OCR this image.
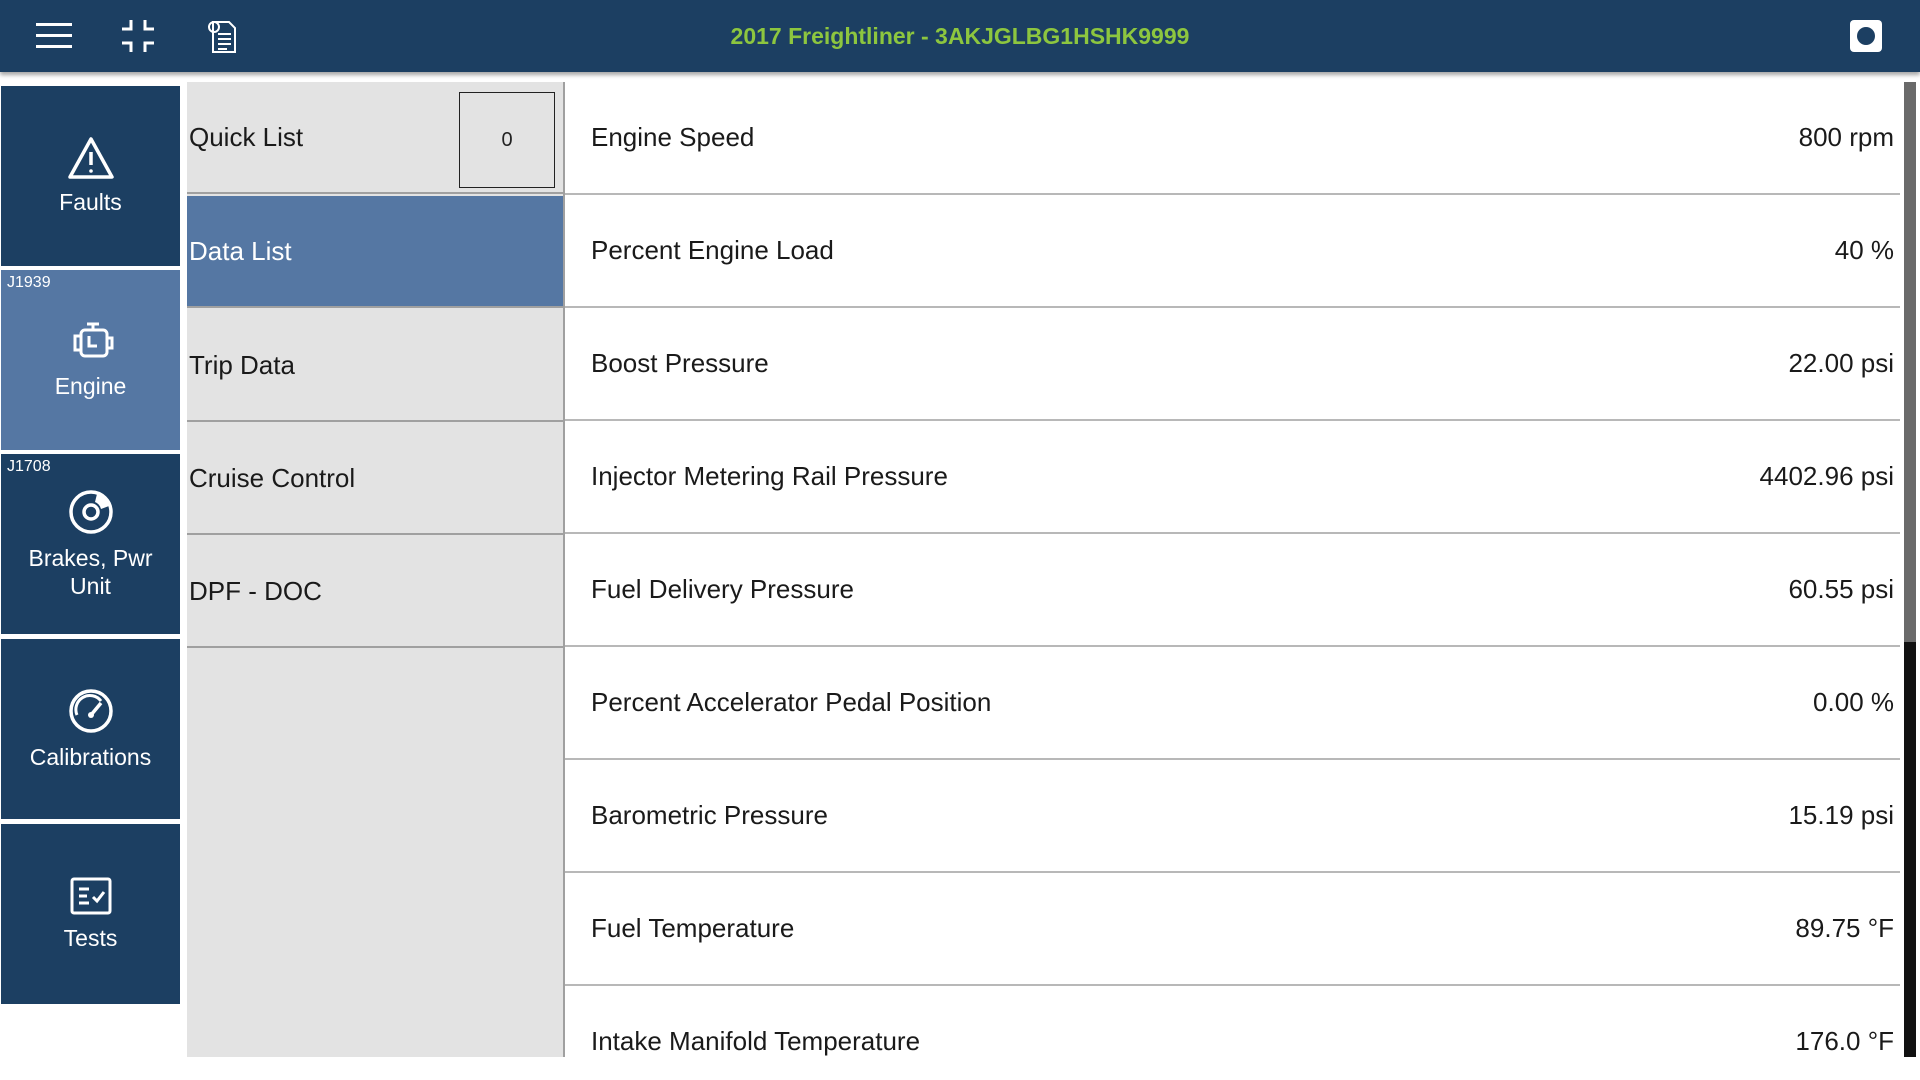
2017 Freightliner - 3AKJGLBG1HSHK9999
Faults
J1939
Engine
J1708
Brakes, Pwr Unit
Calibrations
Tests
Quick List	0
Data List
Trip Data
Cruise Control
DPF - DOC
Engine Speed	800 rpm
Percent Engine Load	40 %
Boost Pressure	22.00 psi
Injector Metering Rail Pressure	4402.96 psi
Fuel Delivery Pressure	60.55 psi
Percent Accelerator Pedal Position	0.00 %
Barometric Pressure	15.19 psi
Fuel Temperature	89.75 °F
Intake Manifold Temperature	176.0 °F
